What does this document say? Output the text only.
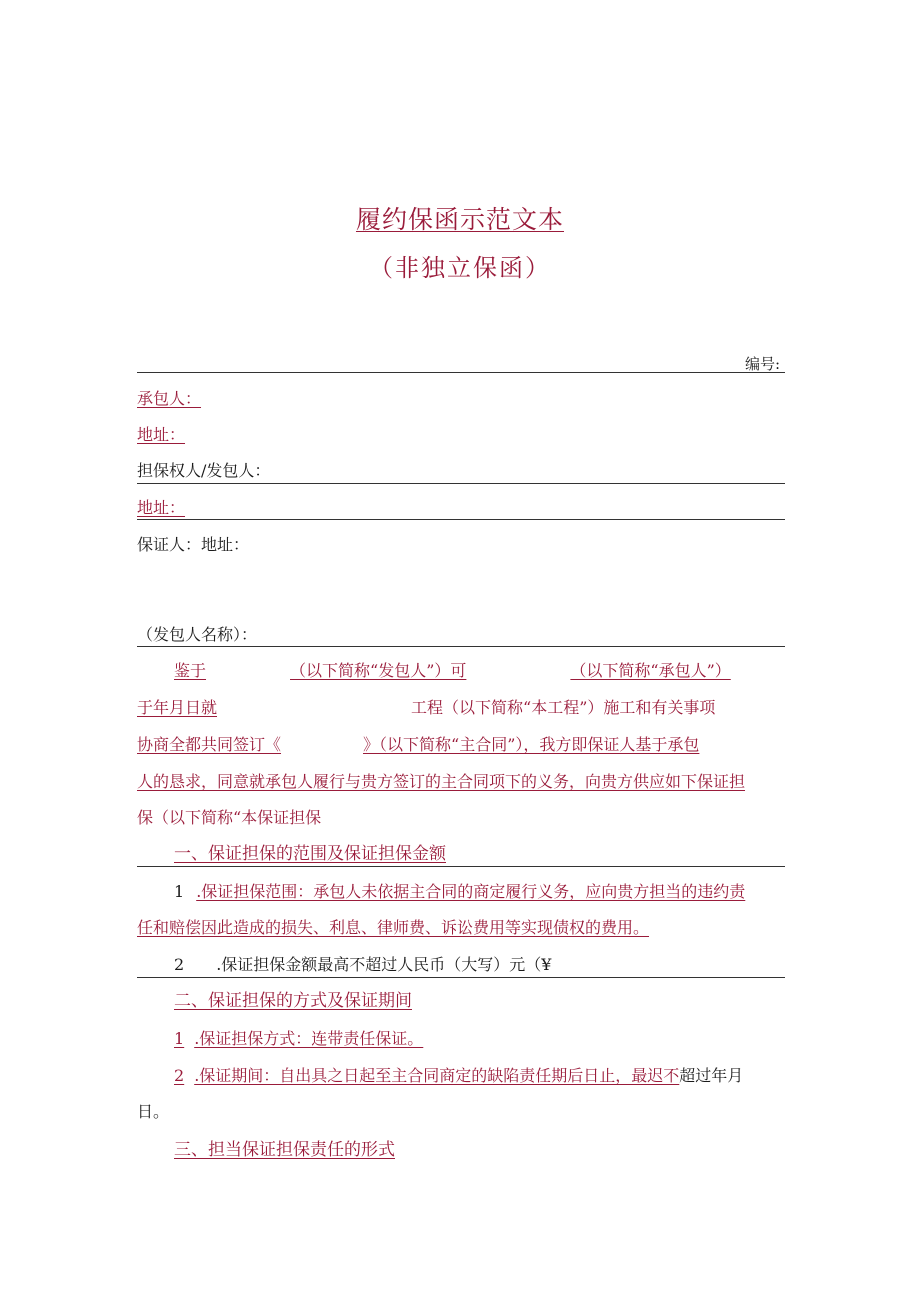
履约保函示范文本
（非独立保函）
编号:
承包人：
地址：
担保权人/发包人：
地址：
保证人：地址：
（发包人名称）：
鉴于	（以下简称“发包人”）可	（以下简称“承包人”）
于年月日就	工程（以下简称“本工程”）施工和有关事项
协商全都共同签订《	》（以下简称“主合同”），我方即保证人基于承包
人的恳求，同意就承包人履行与贵方签订的主合同项下的义务，向贵方供应如下保证担
保（以下简称“本保证担保
一、保证担保的范围及保证担保金额
1 .保证担保范围：承包人未依据主合同的商定履行义务，应向贵方担当的违约责
任和赔偿因此造成的损失、利息、律师费、诉讼费用等实现债权的费用。
2 .保证担保金额最高不超过人民币（大写）元（¥
二、保证担保的方式及保证期间
1 .保证担保方式：连带责任保证。
2 .保证期间：自出具之日起至主合同商定的缺陷责任期后日止，最迟不超过年月
日。
三、担当保证担保责任的形式
